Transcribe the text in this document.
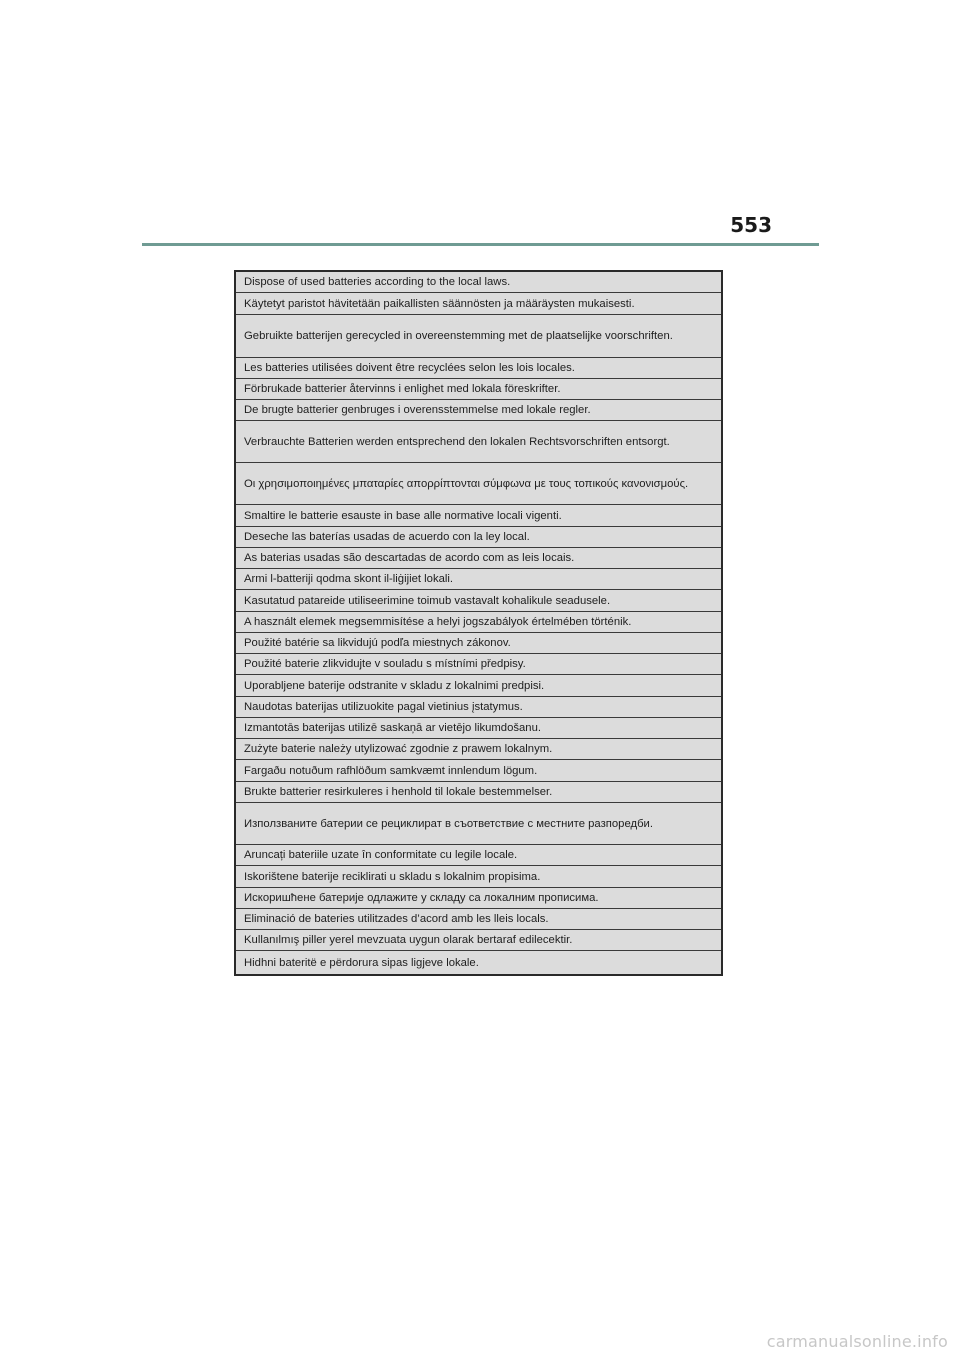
553
Dispose of used batteries according to the local laws.
Käytetyt paristot hävitetään paikallisten säännösten ja määräysten mukaisesti.
Gebruikte batterijen gerecycled in overeenstemming met de plaatselijke voorschriften.
Les batteries utilisées doivent être recyclées selon les lois locales.
Förbrukade batterier återvinns i enlighet med lokala föreskrifter.
De brugte batterier genbruges i overensstemmelse med lokale regler.
Verbrauchte Batterien werden entsprechend den lokalen Rechtsvorschriften entsorgt.
Οι χρησιμοποιημένες μπαταρίες απορρίπτονται σύμφωνα με τους τοπικούς κανονισμούς.
Smaltire le batterie esauste in base alle normative locali vigenti.
Deseche las baterías usadas de acuerdo con la ley local.
As baterias usadas são descartadas de acordo com as leis locais.
Armi l-batteriji qodma skont il-liġijiet lokali.
Kasutatud patareide utiliseerimine toimub vastavalt kohalikule seadusele.
A használt elemek megsemmisítése a helyi jogszabályok értelmében történik.
Použité batérie sa likvidujú podľa miestnych zákonov.
Použité baterie zlikvidujte v souladu s místními předpisy.
Uporabljene baterije odstranite v skladu z lokalnimi predpisi.
Naudotas baterijas utilizuokite pagal vietinius įstatymus.
Izmantotās baterijas utilizē saskaņā ar vietējo likumdošanu.
Zużyte baterie należy utylizować zgodnie z prawem lokalnym.
Fargaðu notuðum rafhlöðum samkvæmt innlendum lögum.
Brukte batterier resirkuleres i henhold til lokale bestemmelser.
Използваните батерии се рециклират в съответствие с местните разпоредби.
Aruncați bateriile uzate în conformitate cu legile locale.
Iskorištene baterije reciklirati u skladu s lokalnim propisima.
Искоришћене батерије одлажите у складу са локалним прописима.
Eliminació de bateries utilitzades d’acord amb les lleis locals.
Kullanılmış piller yerel mevzuata uygun olarak bertaraf edilecektir.
Hidhni bateritë e përdorura sipas ligjeve lokale.
carmanualsonline.info
